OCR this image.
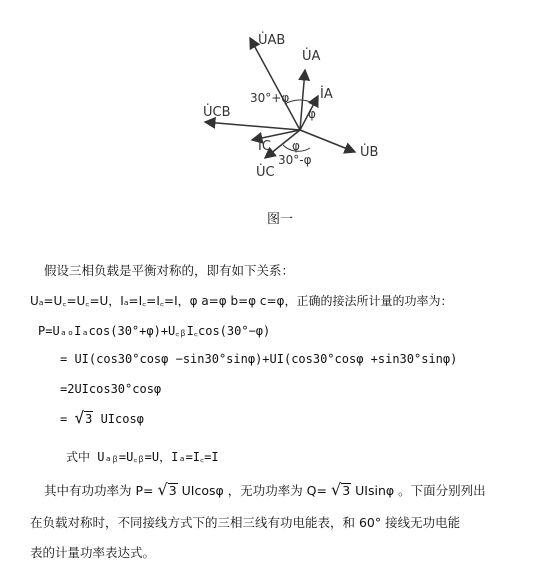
U̇AB
U̇A
İA
30°+φ
φ
U̇CB
İC φ
30°-φ
U̇C
U̇B
图一
假设三相负载是平衡对称的，即有如下关系：
Uₐ=U꜀=U꜀=U，Iₐ=I꜀=I꜀=I，φ a=φ b=φ c=φ，正确的接法所计量的功率为：
P=UₐₒIₐcos(30°+φ)+U꜀ᵦI꜀cos(30°−φ)
= UI(cos30°cosφ −sin30°sinφ)+UI(cos30°cosφ +sin30°sinφ)
=2UIcos30°cosφ
= √ 3 UIcosφ
式中 Uₐᵦ=U꜀ᵦ=U，Iₐ=I꜀=I
其中有功功率为 P= √ 3 UIcosφ ，无功功率为 Q= √ 3 UIsinφ 。下面分别列出
在负载对称时，不同接线方式下的三相三线有功电能表，和 60° 接线无功电能
表的计量功率表达式。
